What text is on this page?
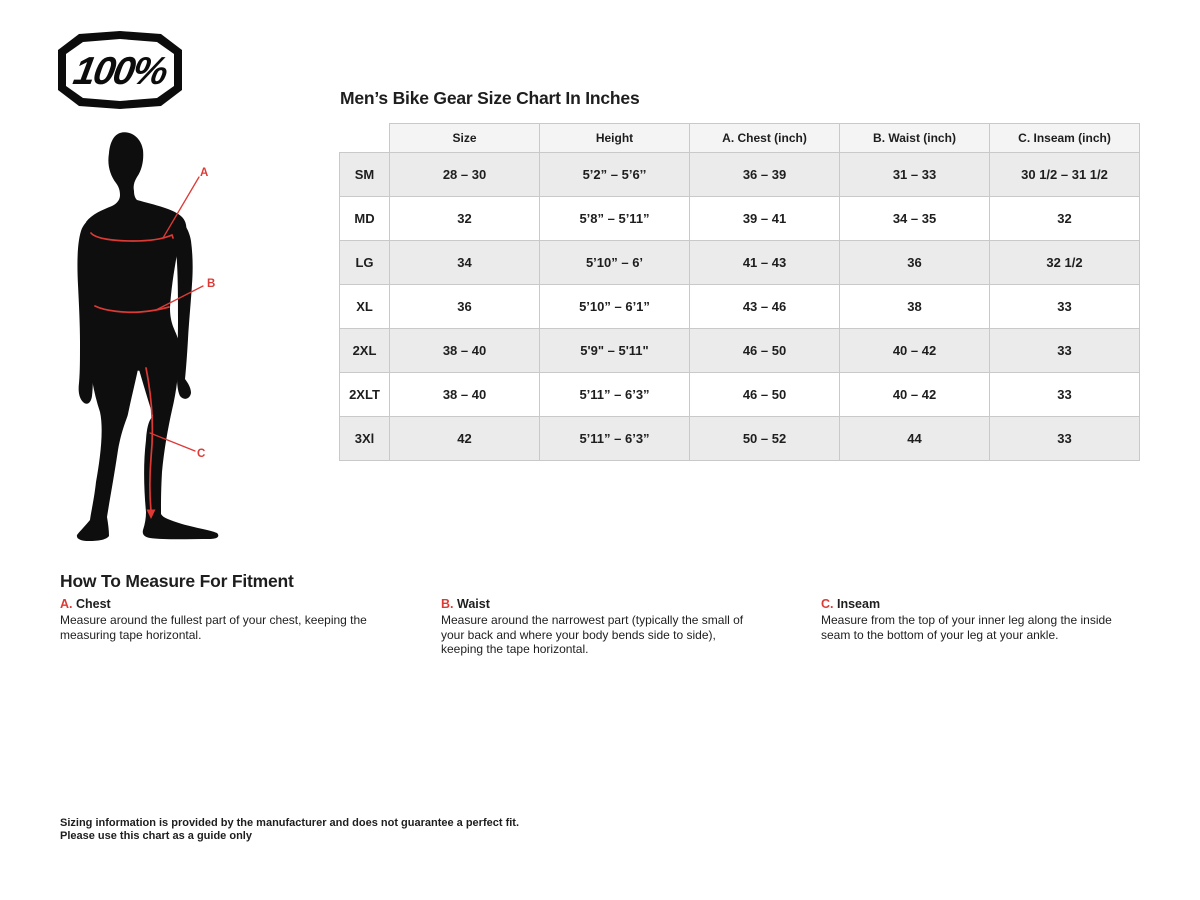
100%
Men’s Bike Gear Size Chart In Inches
A
B
C
	Size	Height	A. Chest (inch)	B. Waist (inch)	C. Inseam (inch)
SM	28 – 30	5’2” – 5’6’’	36 – 39	31 – 33	30 1/2 – 31 1/2
MD	32	5’8” – 5’11”	39 – 41	34 – 35	32
LG	34	5’10” – 6’	41 – 43	36	32 1/2
XL	36	5’10” – 6’1”	43 – 46	38	33
2XL	38 – 40	5'9" – 5'11"	46 – 50	40 – 42	33
2XLT	38 – 40	5’11” – 6’3”	46 – 50	40 – 42	33
3Xl	42	5’11” – 6’3”	50 – 52	44	33
How To Measure For Fitment
A. Chest

Measure around the fullest part of your chest, keeping the measuring tape horizontal.

B. Waist

Measure around the narrowest part (typically the small of your back and where your body bends side to side), keeping the tape horizontal.

C. Inseam

Measure from the top of your inner leg along the inside seam to the bottom of your leg at your ankle.

Sizing information is provided by the manufacturer and does not guarantee a perfect fit.
Please use this chart as a guide only
